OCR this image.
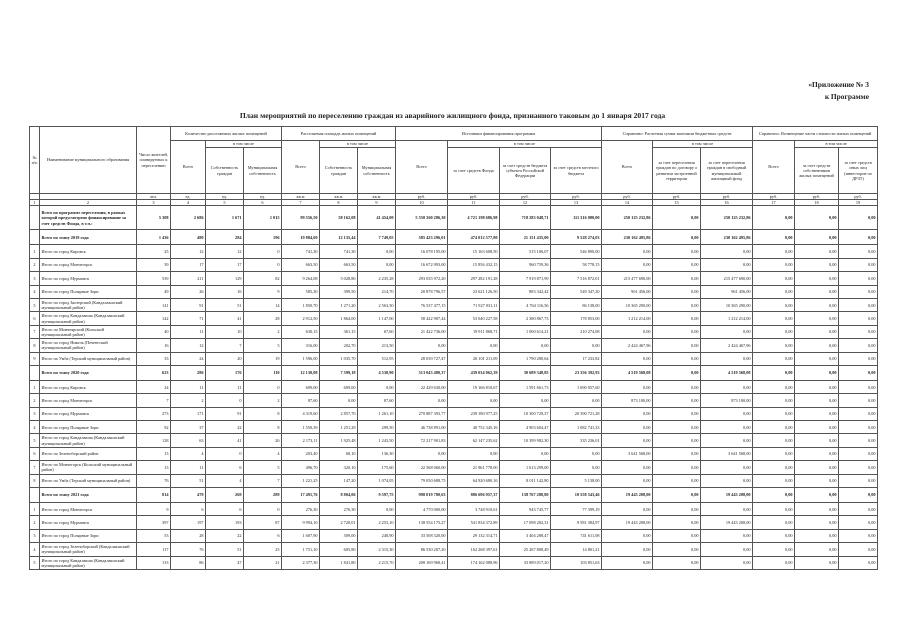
«Приложение № 3
к Программе
План мероприятий по переселению граждан из аварийного жилищного фонда, признанного таковым до 1 января 2017 года
№ п/п	Наименование муниципального образования	Число жителей, планируемых к переселению	Количество расселяемых жилых помещений			Расселяемая площадь жилых помещений			Источники финансирования программы				Справочно: Расчетная сумма экономии бюджетных средств			Справочно: Возмещение части стоимости жилых помещений		
			Всего	в том числе		Всего	в том числе		Всего	в том числе			Всего	в том числе		Всего	в том числе	
				Собственность граждан	Муниципальная собственность		Собственность граждан	Муниципальная собственность		за счет средств Фонда	за счет средств бюджета субъекта Российской Федерации	за счет средств местного бюджета		за счет переселения граждан по договору о развитии застроенной территории	за счет переселения граждан в свободный муниципальный жилищный фонд		за счет средств собственников жилых помещений	за счет средств иных лиц (инвесторов по ДРЗТ)

		чел.	ед.	ед.	ед.	кв.м	кв.м	кв.м	руб.	руб.	руб.	руб.	руб.	руб.	руб.	руб.	руб.	руб.
1	2	3	4	5	6	7	8	9	10	11	12	13	14	15	16	17	18	19
	Всего по программе переселения, в рамках которой предусмотрено финансирование за счет средств Фонда, в т.ч.:	5 308	2 686	1 671	1 015	99 556,50	58 162,08	41 454,00	5 550 360 286,30	4 721 198 686,98	718 283 048,71	111 316 080,00	250 125 232,86	0,00	250 125 232,86	0,00	0,00	0,00
	Всего по этапу 2019 года	1 436	480	284	196	19 884,69	12 135,44	7 749,05	585 423 296,01	474 012 577,80	21 151 435,00	9 528 274,03	230 162 495,86	0,00	230 162 495,86	0,00	0,00	0,00
1	Итого по город Кировск	25	12	12	0	741,30	741,30	0,00	16 078 195,00	15 163 608,50	515 106,07	546 890,00	0,00	0,00	0,00	0,00	0,00	0,00
2	Итого по город Мончегорск	39	17	17	0	663,50	663,50	0,00	16 672 093,00	15 856 432,15	960 759,36	58 778,15	0,00	0,00	0,00	0,00	0,00	0,00
3	Итого по город Мурманск	539	211	129	82	9 264,08	5 028,80	2 235,28	293 035 972,20	297 282 191,28	7 919 871,99	7 516 872,01	215 477 690,00	0,00	215 477 690,00	0,00	0,00	0,00
4	Итого по город Полярные Зори	49	26	16	9	585,30	399,50	214,70	20 878 796,57	23 621 126,50	883 342,42	549 347,20	961 456,00	0,00	961 456,00	0,00	0,00	0,00
5	Итого по город Заозерский (Кандалакшский муниципальный район)	141	91	51	14	1 850,70	1 271,20	2 563,50	76 537 477,15	71 927 031,11	4 764 116,56	86 138,00	10 365 290,00	0,00	10 365 290,00	0,00	0,00	0,00
6	Итого по город Кандалакша (Кандалакшский муниципальный район)	142	71	41	28	2 912,50	1 864,00	1 147,00	58 422 987,44	53 040 227,58	2 380 867,73	178 853,00	1 212 214,00	0,00	1 212 214,00	0,00	0,00	0,00
7	Итого по Мончеярский (Кольский муниципальный район)	40	11	10	2	630,15	361,15	67,60	21 422 736,00	19 911 868,71	1 000 614,21	210 274,08	0,00	0,00	0,00	0,00	0,00	0,00
8	Итого по город Никель (Печенгский муниципальный район)	16	12	7	5	316,00	202,70	213,50	0,00	0,00	0,00	0,00	2 424 467,96	0,00	2 424 467,96	0,00	0,00	0,00
9	Итого по Умба (Терский муниципальный район)	33	24	20	19	1 596,00	1 035,70	512,95	28 039 727,47	26 101 211,09	1 790 280,64	17 233,82	0,00	0,00	0,00	0,00	0,00	0,00
	Всего по этапу 2020 года	623	286	176	110	12 130,08	7 599,18	4 530,90	513 043 480,37	439 034 062,39	30 689 348,85	23 356 392,93	4 519 568,08	0,00	4 519 568,08	0,00	0,00	0,00
1	Итого по город Кировск	24	11	11	0	609,00	609,00	0,00	22 429 630,00	19 166 810,67	1 591 661,73	1 690 057,60	0,00	0,00	0,00	0,00	0,00	0,00
2	Итого по город Мончегорск	7	2	0	2	87,60	0,00	87,60	0,00	0,00	0,00	0,00	873 100,00	0,00	873 100,00	0,00	0,00	0,00
3	Итого по город Мурманск	273	171	91	8	4 319,60	2 857,70	1 261,10	270 887 393,77	239 180 977,25	10 300 729,37	20 390 721,28	0,00	0,00	0,00	0,00	0,00	0,00
4	Итого по город Полярные Зори	92	37	22	8	1 550,39	1 251,29	299,50	46 738 891,00	40 752 345,16	4 903 604,47	1 082 741,33	0,00	0,00	0,00	0,00	0,00	0,00
5	Итого по город Кандалакша (Кандалакшский муниципальный район)	128	63	41	26	2 173,11	1 925,48	1 243,50	72 217 901,83	62 147 235,62	10 399 982,30	335 236,01	0,00	0,00	0,00	0,00	0,00	0,00
6	Итого по Зеленоборский район	13	4	0	4	203,40	68,10	136,30	0,00	0,00	0,00	0,00	3 641 568,00	0,00	3 641 568,00	0,00	0,00	0,00
7	Итого по Мончегорск (Кольский муниципальный район)	13	11	6	5	496,70	320,10	175,60	22 568 060,00	21 961 778,00	1 613 299,00	0,00	0,00	0,00	0,00	0,00	0,00	0,00
8	Итого по Умба (Терский муниципальный район)	76	51	4	7	1 221,25	147,20	1 074,05	79 050 688,75	64 920 680,16	8 011 142,80	5 138,00	0,00	0,00	0,00	0,00	0,00	0,00
	Всего по этапу 2021 года	814	479	269	289	17 491,76	8 804,06	9 597,75	998 019 780,63	886 696 957,37	138 767 288,80	10 558 543,46	19 443 208,00	0,00	19 443 208,00	0,00	0,00	0,00
1	Итого по город Мончегорск	9	6	6	0	276,30	276,30	0,00	4 770 000,00	3 748 910,61	943 745,77	77 399,19	0,00	0,00	0,00	0,00	0,00	0,00
2	Итого по город Мурманск	397	197	193	87	9 994,10	2 720,01	2 253,10	138 554 175,27	541 834 372,89	17 098 282,31	9 581 384,97	19 443 208,00	0,00	19 443 208,00	0,00	0,00	0,00
3	Итого по город Полярные Зори	53	28	22	6	1 607,90	509,00	248,90	33 508 320,00	29 132 314,71	3 404 288,47	741 611,08	0,00	0,00	0,00	0,00	0,00	0,00
4	Итого по город Зеленоборский (Кандалакшский муниципальный район)	117	76	51	25	1 751,10	605,80	2 315,30	86 530 207,20	162 268 397,61	25 267 808,49	14 801,21	0,00	0,00	0,00	0,00	0,00	0,00
5	Итого по город Кандалакша (Кандалакшский муниципальный район)	133	86	47	21	2 377,30	1 841,80	2 215,70	208 169 968,41	174 162 088,96	33 889 017,20	103 851,63	0,00	0,00	0,00	0,00	0,00	0,00
